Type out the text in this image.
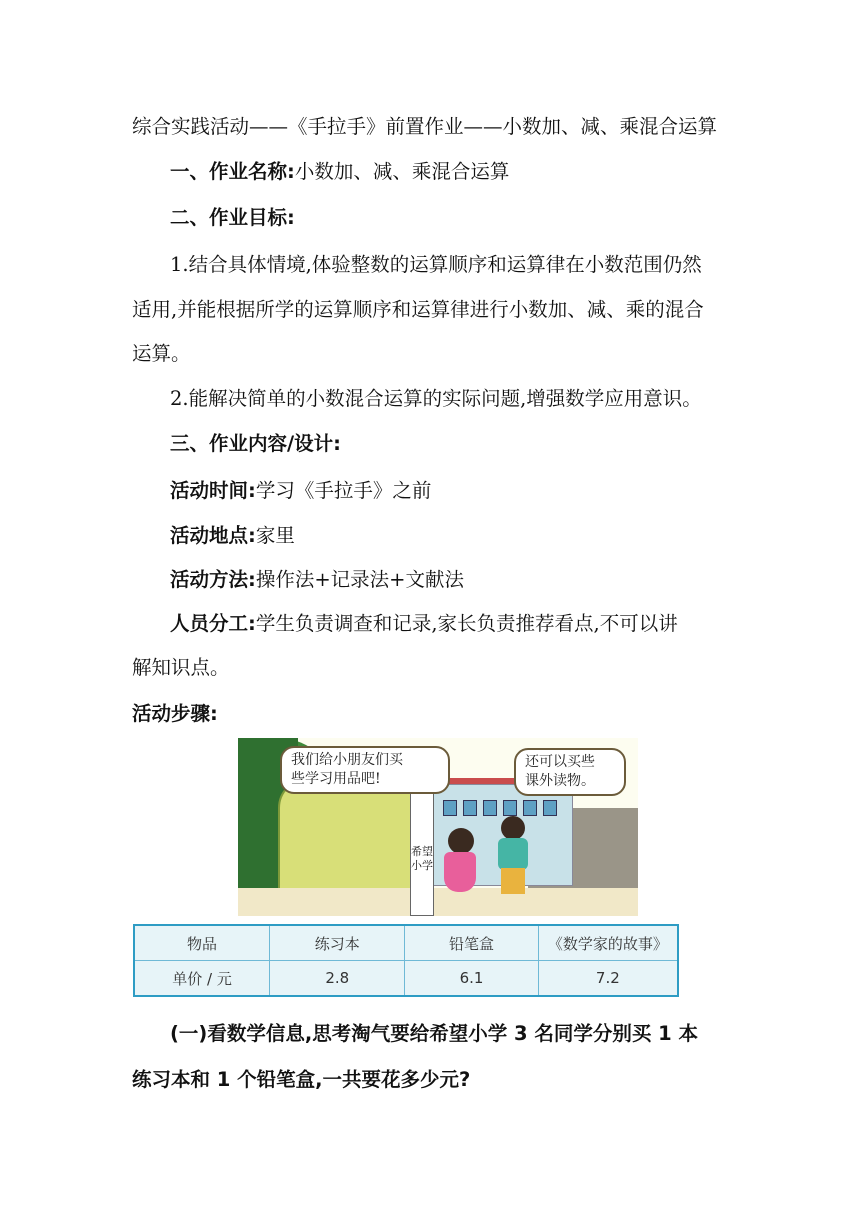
综合实践活动——《手拉手》前置作业——小数加、减、乘混合运算
一、作业名称:小数加、减、乘混合运算
二、作业目标:
1.结合具体情境,体验整数的运算顺序和运算律在小数范围仍然
适用,并能根据所学的运算顺序和运算律进行小数加、减、乘的混合
运算。
2.能解决简单的小数混合运算的实际问题,增强数学应用意识。
三、作业内容/设计:
活动时间:学习《手拉手》之前
活动地点:家里
活动方法:操作法+记录法+文献法
人员分工:学生负责调查和记录,家长负责推荐看点,不可以讲
解知识点。
活动步骤:
希望小学
我们给小朋友们买
些学习用品吧!
还可以买些
课外读物。
物品	练习本	铅笔盒	《数学家的故事》
单价 / 元	2.8	6.1	7.2
(一)看数学信息,思考淘气要给希望小学 3 名同学分别买 1 本
练习本和 1 个铅笔盒,一共要花多少元?
